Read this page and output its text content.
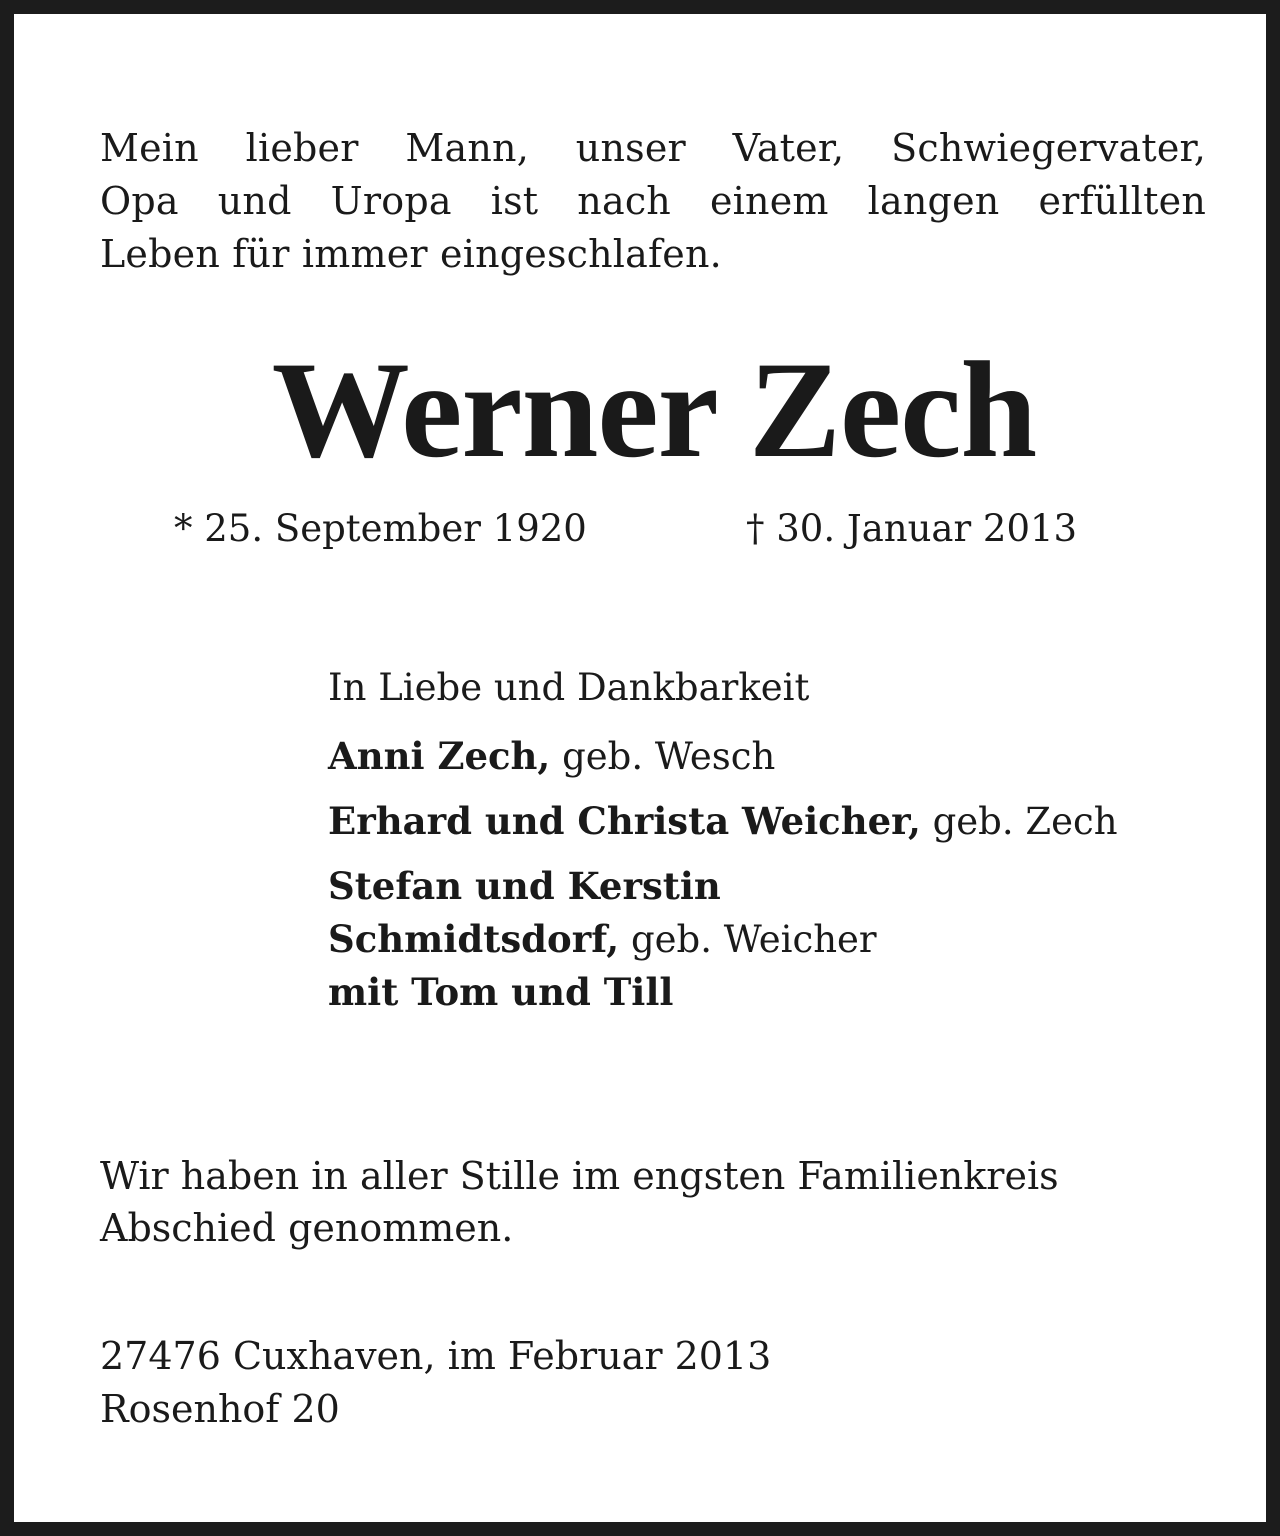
Mein lieber Mann, unser Vater, Schwiegervater,
Opa und Uropa ist nach einem langen erfüllten
Leben für immer eingeschlafen.
Werner Zech
* 25. September 1920	† 30. Januar 2013
In Liebe und Dankbarkeit
Anni Zech, geb. Wesch
Erhard und Christa Weicher, geb. Zech
Stefan und Kerstin
Schmidtsdorf, geb. Weicher
mit Tom und Till
Wir haben in aller Stille im engsten Familienkreis
Abschied genommen.
27476 Cuxhaven, im Februar 2013
Rosenhof 20
